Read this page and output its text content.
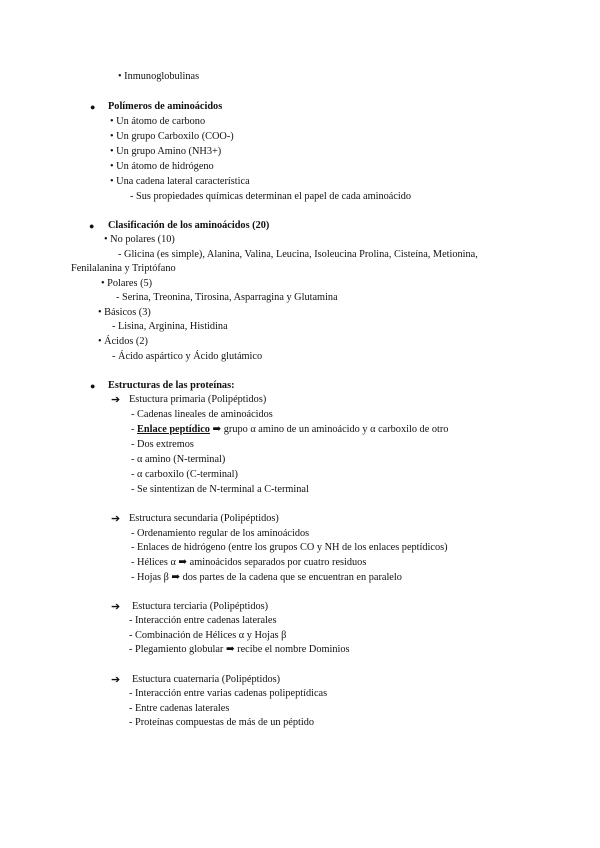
• Inmunoglobulinas
● Polímeros de aminoácidos
• Un átomo de carbono
• Un grupo Carboxilo (COO-)
• Un grupo Amino (NH3+)
• Un átomo de hidrógeno
• Una cadena lateral característica
- Sus propiedades químicas determinan el papel de cada aminoácido
● Clasificación de los aminoácidos (20)
• No polares (10)
- Glicina (es simple), Alanina, Valina, Leucina, Isoleucina Prolina, Cisteína, Metionina,
Fenilalanina y Triptófano
• Polares (5)
- Serina, Treonina, Tirosina, Asparragina y Glutamina
• Básicos (3)
- Lisina, Arginina, Histidina
• Ácidos (2)
- Ácido aspártico y Ácido glutámico
● Estructuras de las proteínas:
➔ Estuctura primaria (Polipéptidos)
- Cadenas lineales de aminoácidos
- Enlace peptídico ➡ grupo α amino de un aminoácido y α carboxilo de otro
- Dos extremos
- α amino (N-terminal)
- α carboxilo (C-terminal)
- Se sintentizan de N-terminal a C-terminal
➔ Estructura secundaria (Polipéptidos)
- Ordenamiento regular de los aminoácidos
- Enlaces de hidrógeno (entre los grupos CO y NH de los enlaces peptídicos)
- Hélices α ➡ aminoácidos separados por cuatro residuos
- Hojas β ➡ dos partes de la cadena que se encuentran en paralelo
➔ Estuctura terciaria (Polipéptidos)
- Interacción entre cadenas laterales
- Combinación de Hélices α y Hojas β
- Plegamiento globular ➡ recibe el nombre Dominios
➔ Estuctura cuaternaria (Polipéptidos)
- Interacción entre varias cadenas polipeptídicas
- Entre cadenas laterales
- Proteínas compuestas de más de un péptido
